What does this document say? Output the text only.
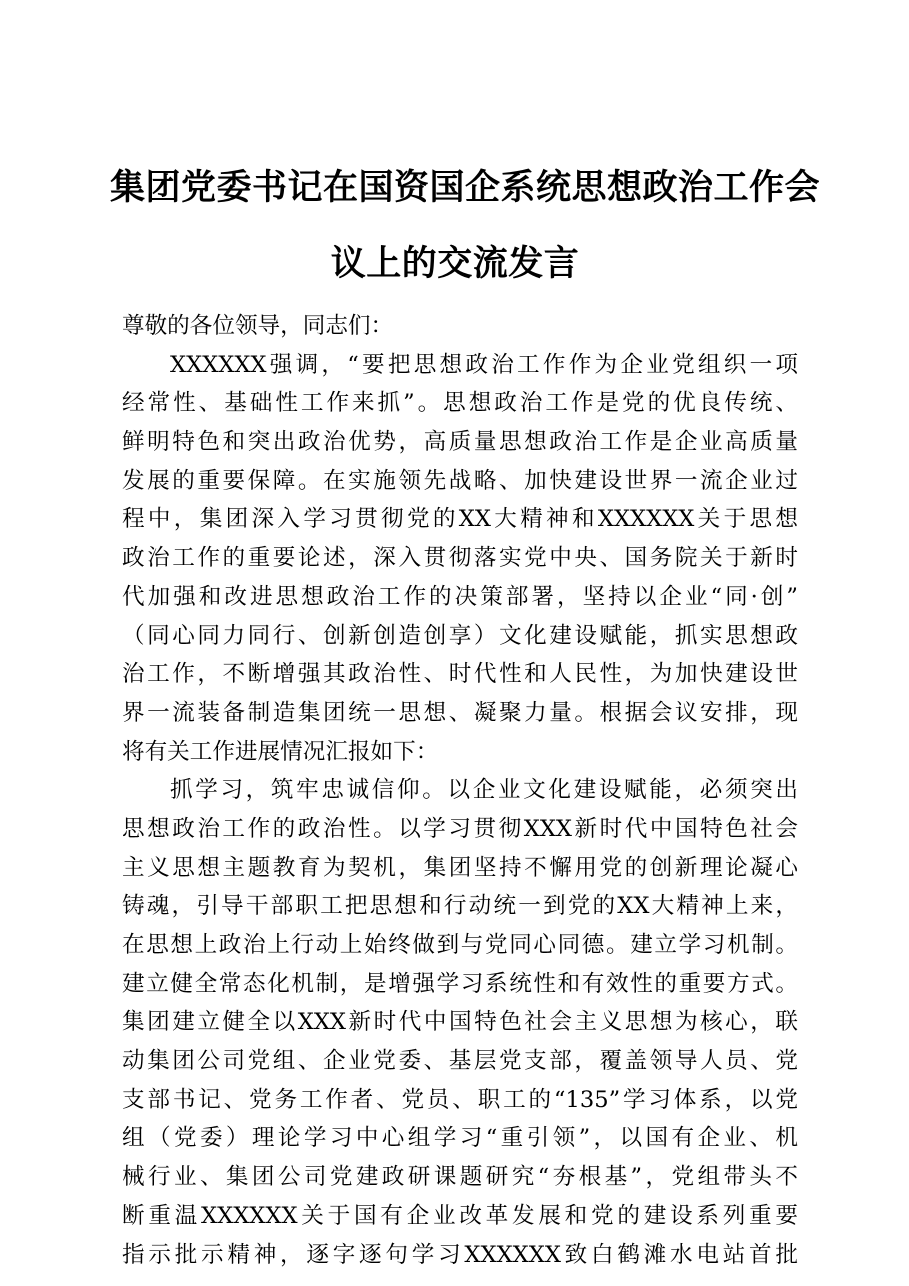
集团党委书记在国资国企系统思想政治工作会
议上的交流发言

尊敬的各位领导，同志们：

XXXXXX强调，“要把思想政治工作作为企业党组织一项
经常性、基础性工作来抓”。思想政治工作是党的优良传统、
鲜明特色和突出政治优势，高质量思想政治工作是企业高质量
发展的重要保障。在实施领先战略、加快建设世界一流企业过
程中，集团深入学习贯彻党的XX大精神和XXXXXX关于思想
政治工作的重要论述，深入贯彻落实党中央、国务院关于新时
代加强和改进思想政治工作的决策部署，坚持以企业“同·创”
（同心同力同行、创新创造创享）文化建设赋能，抓实思想政
治工作，不断增强其政治性、时代性和人民性，为加快建设世
界一流装备制造集团统一思想、凝聚力量。根据会议安排，现
将有关工作进展情况汇报如下：

抓学习，筑牢忠诚信仰。以企业文化建设赋能，必须突出
思想政治工作的政治性。以学习贯彻XXX新时代中国特色社会
主义思想主题教育为契机，集团坚持不懈用党的创新理论凝心
铸魂，引导干部职工把思想和行动统一到党的XX大精神上来，
在思想上政治上行动上始终做到与党同心同德。建立学习机制。
建立健全常态化机制，是增强学习系统性和有效性的重要方式。
集团建立健全以XXX新时代中国特色社会主义思想为核心，联
动集团公司党组、企业党委、基层党支部，覆盖领导人员、党
支部书记、党务工作者、党员、职工的“135”学习体系，以党
组（党委）理论学习中心组学习“重引领”，以国有企业、机
械行业、集团公司党建政研课题研究“夯根基”，党组带头不
断重温XXXXXX关于国有企业改革发展和党的建设系列重要
指示批示精神，逐字逐句学习XXXXXX致白鹤滩水电站首批
